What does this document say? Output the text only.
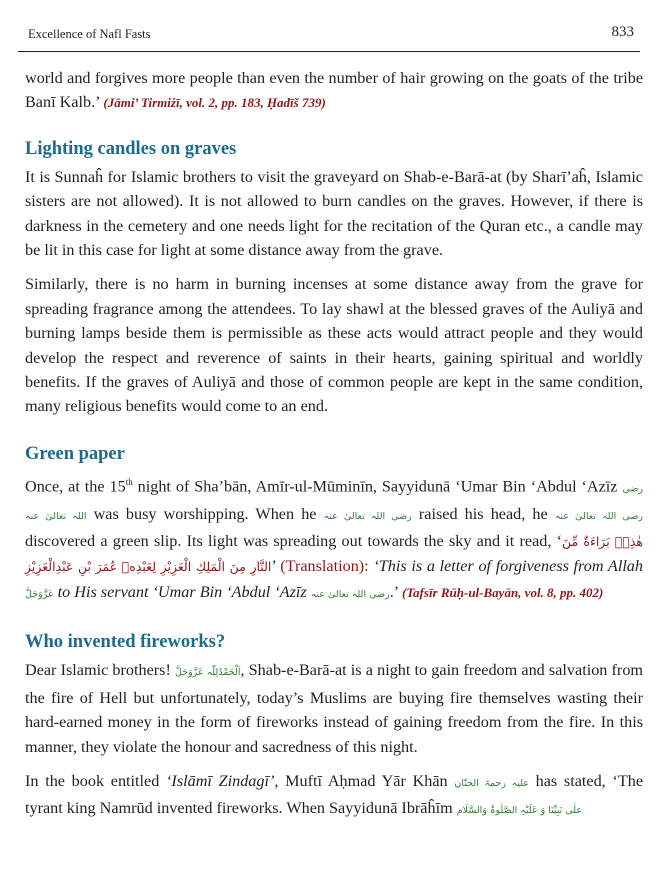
Excellence of Nafl Fasts	833

world and forgives more people than even the number of hair growing on the goats of the tribe Banī Kalb.’ (Jāmi’ Tirmiżī, vol. 2, pp. 183, Ḥadīš 739)

Lighting candles on graves

It is Sunnaĥ for Islamic brothers to visit the graveyard on Shab-e-Barā-at (by Sharī’aĥ, Islamic sisters are not allowed). It is not allowed to burn candles on the graves. However, if there is darkness in the cemetery and one needs light for the recitation of the Quran etc., a candle may be lit in this case for light at some distance away from the grave.

Similarly, there is no harm in burning incenses at some distance away from the grave for spreading fragrance among the attendees. To lay shawl at the blessed graves of the Auliyā and burning lamps beside them is permissible as these acts would attract people and they would develop the respect and reverence of saints in their hearts, gaining spiritual and worldly benefits. If the graves of Auliyā and those of common people are kept in the same condition, many religious benefits would come to an end.

Green paper

Once, at the 15th night of Sha’bān, Amīr-ul-Mūminīn, Sayyidunā ‘Umar Bin ‘Abdul ‘Azīz رضی اللہ تعالیٰ عنہ was busy worshipping. When he رضی اللہ تعالیٰ عنہ raised his head, he رضی اللہ تعالیٰ عنہ discovered a green slip. Its light was spreading out towards the sky and it read, ‘هٰذِہٖ بَرَاءَةٌ مِّنَ النَّارِ مِنَ الْمَلِكِ الْعَزِيْزِ لِعَبْدِهٖ عُمَرَ بْنِ عَبْدِالْعَزِيْزِ’ (Translation): ‘This is a letter of forgiveness from Allah عَزَّوَجَلَّ to His servant ‘Umar Bin ‘Abdul ‘Azīz رضی اللہ تعالیٰ عنہ.’ (Tafsīr Rūḥ-ul-Bayān, vol. 8, pp. 402)

Who invented fireworks?

Dear Islamic brothers! اَلْحَمْدُلِلّٰہ عَزَّوَجَلَّ, Shab-e-Barā-at is a night to gain freedom and salvation from the fire of Hell but unfortunately, today’s Muslims are buying fire themselves wasting their hard-earned money in the form of fireworks instead of gaining freedom from the fire. In this manner, they violate the honour and sacredness of this night.

In the book entitled ‘Islāmī Zindagī’, Muftī Aḥmad Yār Khān علیہ رحمۃ الحنّان has stated, ‘The tyrant king Namrūd invented fireworks. When Sayyidunā Ibrāĥīm علٰی نَبِیِّنَا وَ عَلَیْہِ الصَّلٰوۃُ وَالسَّلَام
